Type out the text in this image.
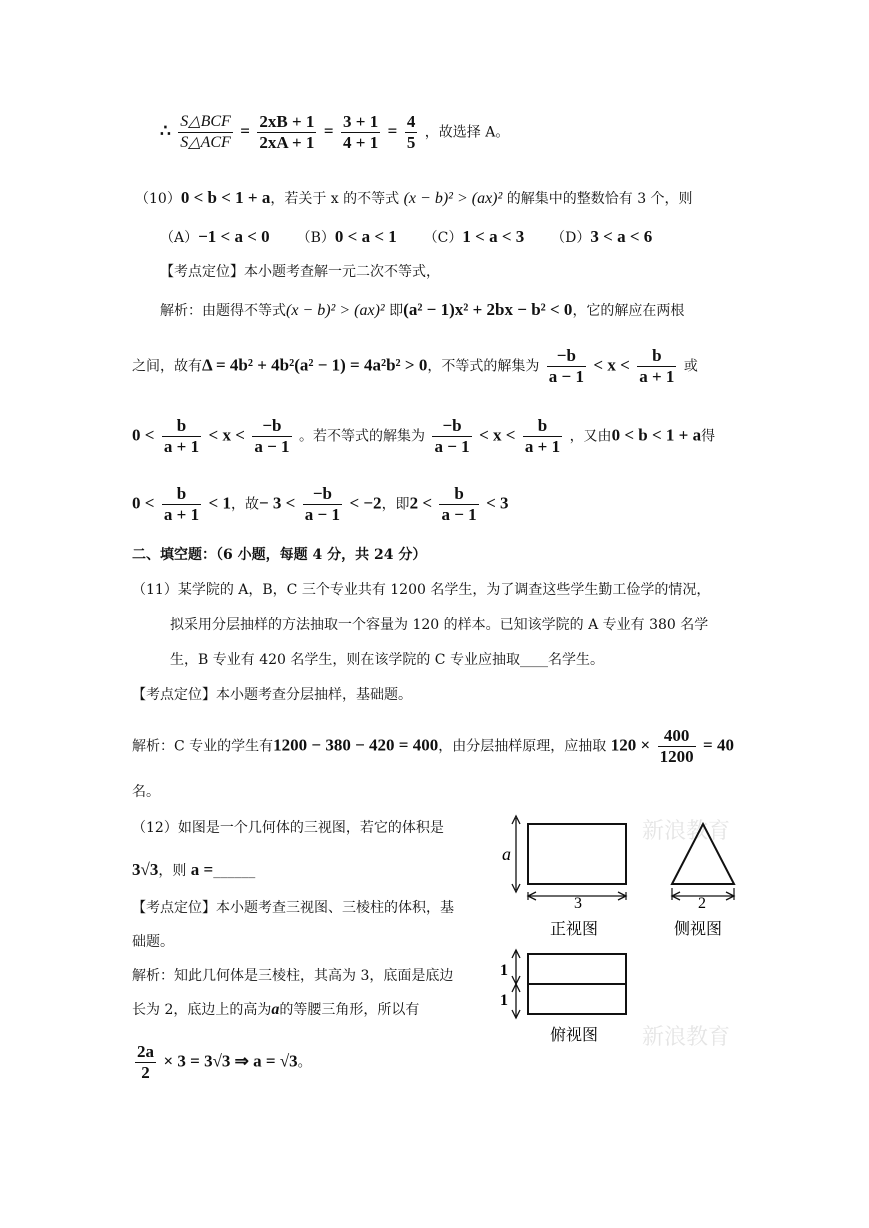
∴ $\frac{\text{S△BCF}}{\text{S△ACF}} = \frac{2xB + 1}{2xA + 1} = \frac{3 + 1}{4 + 1} = \frac{4}{5}$ ，故选择 A。
（10）0 < b < 1 + a，若关于 x 的不等式 (x − b)² > (ax)² 的解集中的整数恰有 3 个，则
（A）−1 < a < 0 （B）0 < a < 1 （C）1 < a < 3 （D）3 < a < 6
【考点定位】本小题考查解一元二次不等式，
解析：由题得不等式(x − b)² > (ax)² 即(a² − 1)x² + 2bx − b² < 0，它的解应在两根
之间，故有Δ = 4b² + 4b²(a² − 1) = 4a²b² > 0，不等式的解集为 $\frac{-b}{a - 1} < x < \frac{b}{a + 1}$ 或
$0 < \frac{b}{a + 1} < x < \frac{-b}{a - 1}$ 。若不等式的解集为 $\frac{-b}{a - 1} < x < \frac{b}{a + 1}$ ，又由0 < b < 1 + a得
$0 < \frac{b}{a + 1} < 1$，故− $3 < \frac{-b}{a - 1} < -2$，即$2 < \frac{b}{a - 1} < 3$
二、填空题：（6 小题，每题 4 分，共 24 分）
（11）某学院的 A，B，C 三个专业共有 1200 名学生，为了调查这些学生勤工俭学的情况，
拟采用分层抽样的方法抽取一个容量为 120 的样本。已知该学院的 A 专业有 380 名学
生，B 专业有 420 名学生，则在该学院的 C 专业应抽取____名学生。
【考点定位】本小题考查分层抽样，基础题。
解析：C 专业的学生有1200 − 380 − 420 = 400，由分层抽样原理，应抽取 $120 \times \frac{400}{1200} = 40$
名。
（12）如图是一个几何体的三视图，若它的体积是
3√3，则 a =______
【考点定位】本小题考查三视图、三棱柱的体积，基
础题。
解析：知此几何体是三棱柱，其高为 3，底面是底边
长为 2，底边上的高为a的等腰三角形，所以有
$\frac{2a}{2} \times 3 = 3√3$ ⇒ a = √3。
新浪教育
新浪教育
a
3
正视图
2
侧视图
1
1
俯视图
